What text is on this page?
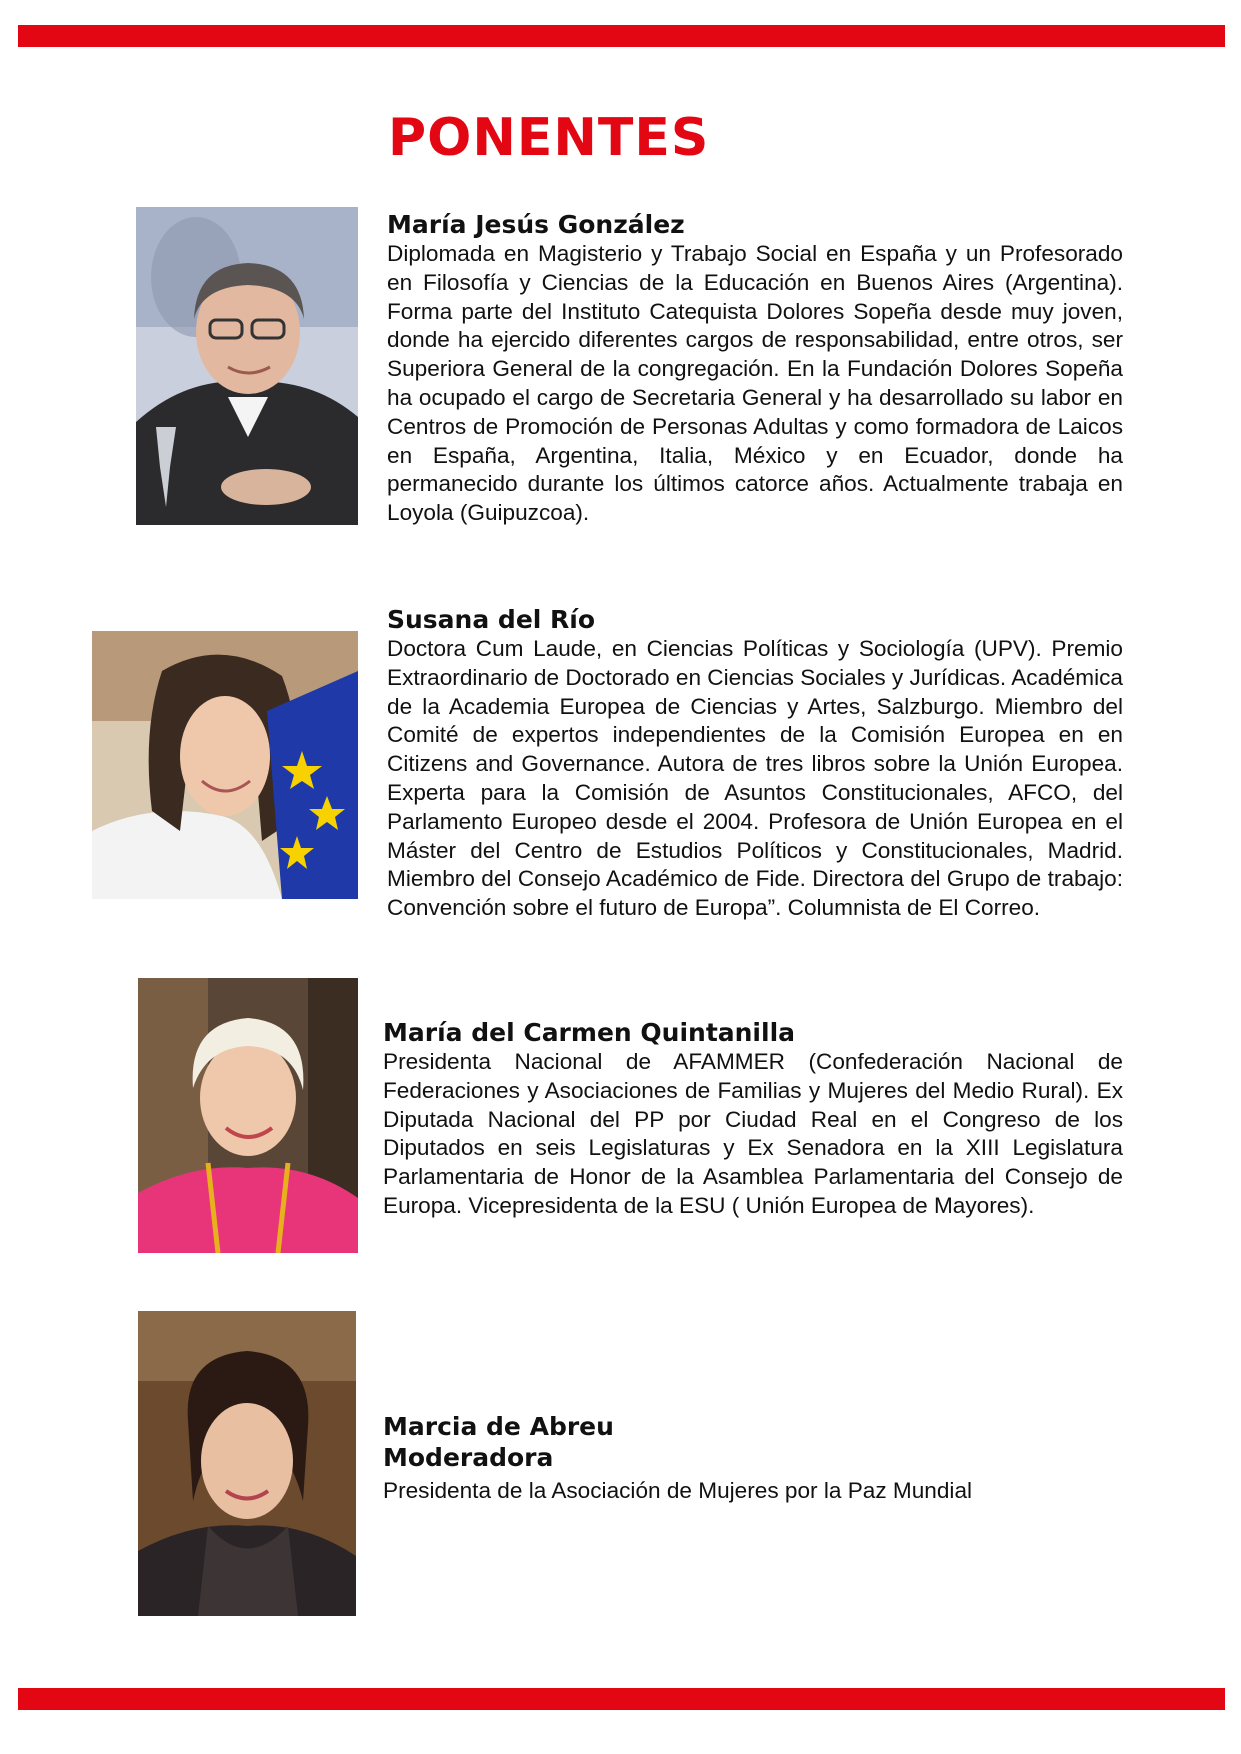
PONENTES
María Jesús González

Diplomada en Magisterio y Trabajo Social en España y un Profesorado en Filosofía y Ciencias de la Educación en Buenos Aires (Argentina). Forma parte del Instituto Catequista Dolores Sopeña desde muy joven, donde ha ejercido diferentes cargos de responsabilidad, entre otros, ser Superiora General de la congregación. En la Fundación Dolores Sopeña ha ocupado el cargo de Secretaria General y ha desarrollado su labor en Centros de Promoción de Personas Adultas y como formadora de Laicos en España, Argentina, Italia, México y en Ecuador, donde ha permanecido durante los últimos catorce años. Actualmente trabaja en Loyola (Guipuzcoa).

Susana del Río

Doctora Cum Laude, en Ciencias Políticas y Sociología (UPV). Premio Extraordinario de Doctorado en Ciencias Sociales y Jurídicas. Académica de la Academia Europea de Ciencias y Artes, Salzburgo. Miembro del Comité de expertos independientes de la Comisión Europea en en Citizens and Governance. Autora de tres libros sobre la Unión Europea. Experta para la Comisión de Asuntos Constitucionales, AFCO, del Parlamento Europeo desde el 2004. Profesora de Unión Europea en el Máster del Centro de Estudios Políticos y Constitucionales, Madrid. Miembro del Consejo Académico de Fide. Directora del Grupo de trabajo: Convención sobre el futuro de Europa”. Columnista de El Correo.

María del Carmen Quintanilla

Presidenta Nacional de AFAMMER (Confederación Nacional de Federaciones y Asociaciones de Familias y Mujeres del Medio Rural). Ex Diputada Nacional del PP por Ciudad Real en el Congreso de los Diputados en seis Legislaturas y Ex Senadora en la XIII Legislatura Parlamentaria de Honor de la Asamblea Parlamentaria del Consejo de Europa. Vicepresidenta de la ESU ( Unión Europea de Mayores).

Marcia de Abreu
Moderadora

Presidenta de la Asociación de Mujeres por la Paz Mundial
